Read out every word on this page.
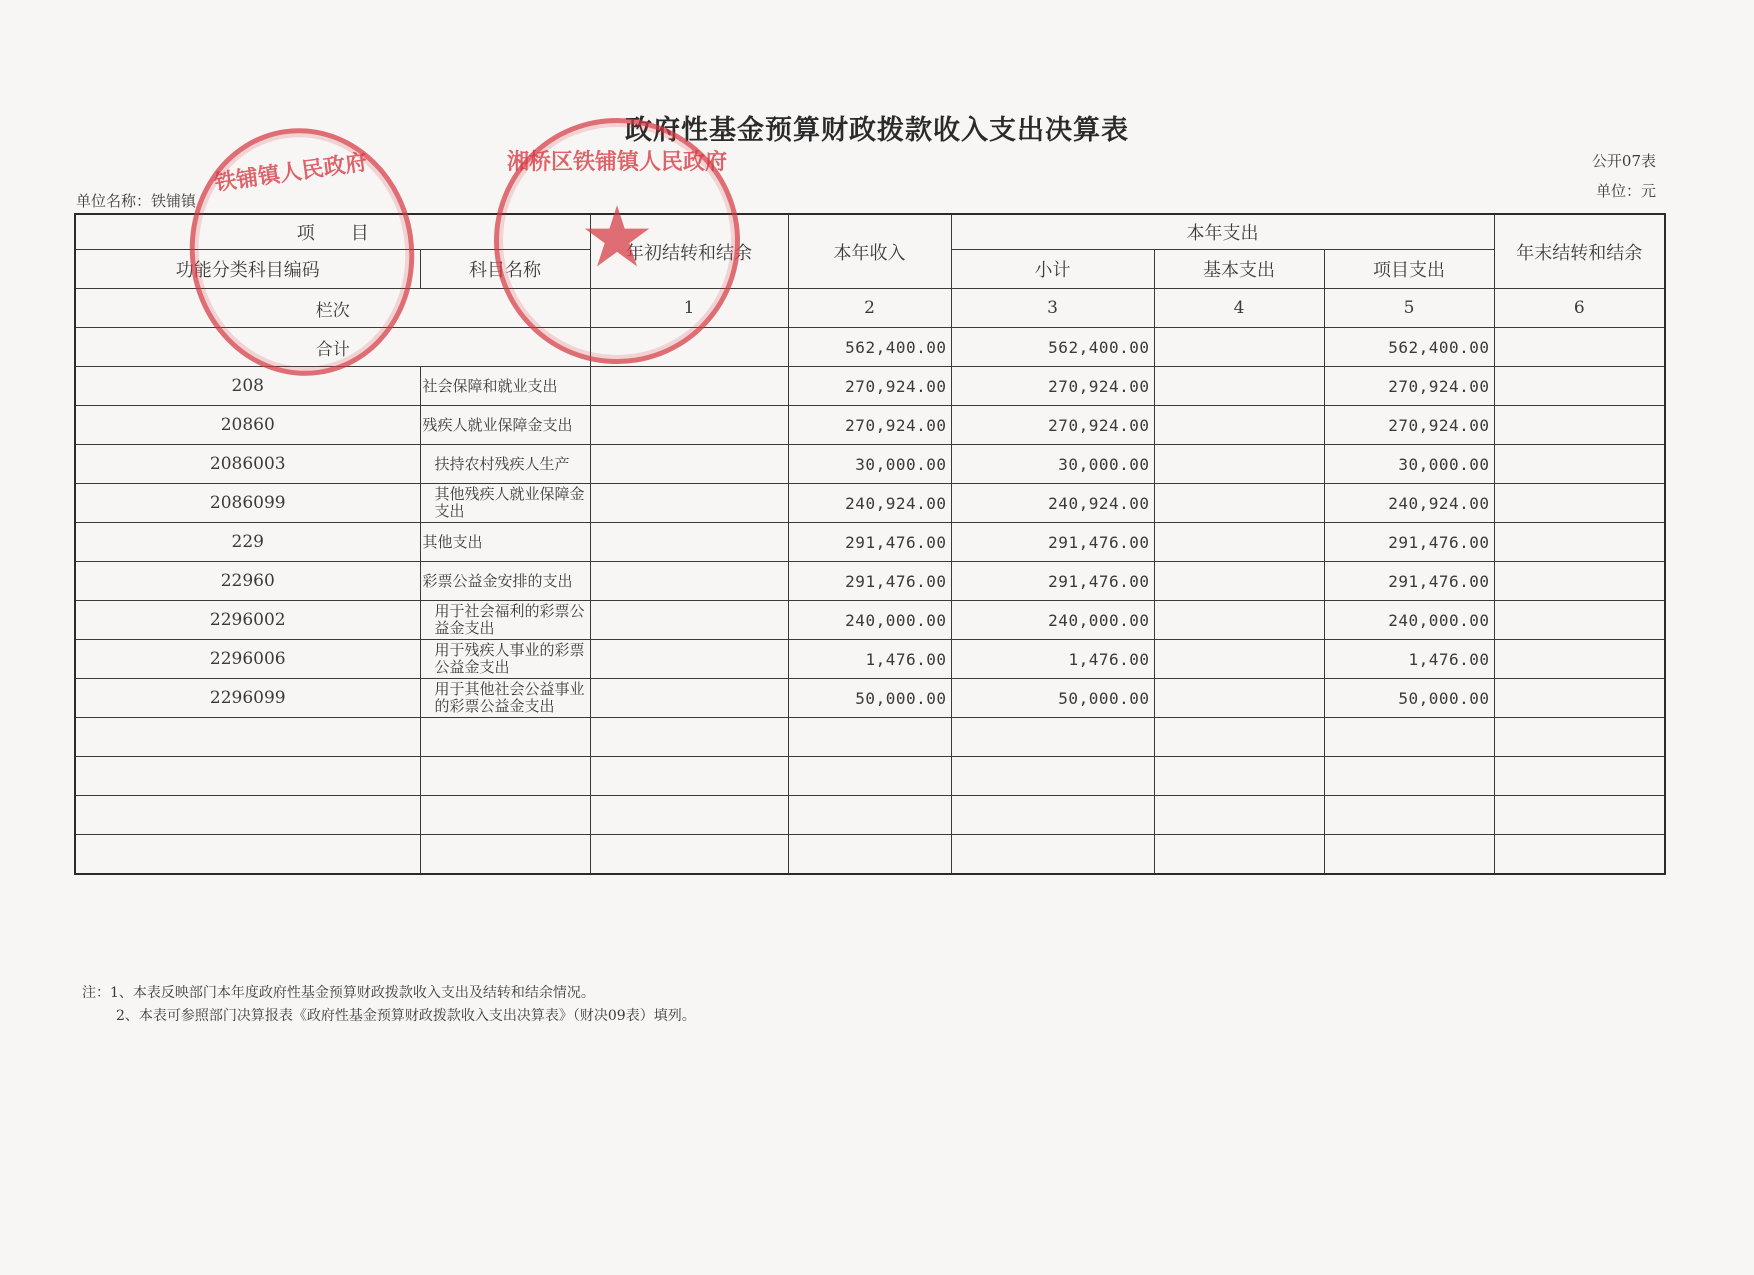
政府性基金预算财政拨款收入支出决算表
公开07表
单位名称：铁铺镇
单位：元
项　　目		年初结转和结余	本年收入	本年支出			年末结转和结余
功能分类科目编码	科目名称			小计	基本支出	项目支出	

栏次		1	2	3	4	5	6
合计			562,400.00	562,400.00		562,400.00	
208	社会保障和就业支出		270,924.00	270,924.00		270,924.00	
20860	残疾人就业保障金支出		270,924.00	270,924.00		270,924.00	
2086003	扶持农村残疾人生产		30,000.00	30,000.00		30,000.00	
2086099	其他残疾人就业保障金支出		240,924.00	240,924.00		240,924.00	
229	其他支出		291,476.00	291,476.00		291,476.00	
22960	彩票公益金安排的支出		291,476.00	291,476.00		291,476.00	
2296002	用于社会福利的彩票公益金支出		240,000.00	240,000.00		240,000.00	
2296006	用于残疾人事业的彩票公益金支出		1,476.00	1,476.00		1,476.00	
2296099	用于其他社会公益事业的彩票公益金支出		50,000.00	50,000.00		50,000.00	

注：1、本表反映部门本年度政府性基金预算财政拨款收入支出及结转和结余情况。
2、本表可参照部门决算报表《政府性基金预算财政拨款收入支出决算表》（财决09表）填列。
铁铺镇人民政府	湘桥区铁铺镇人民政府
★
